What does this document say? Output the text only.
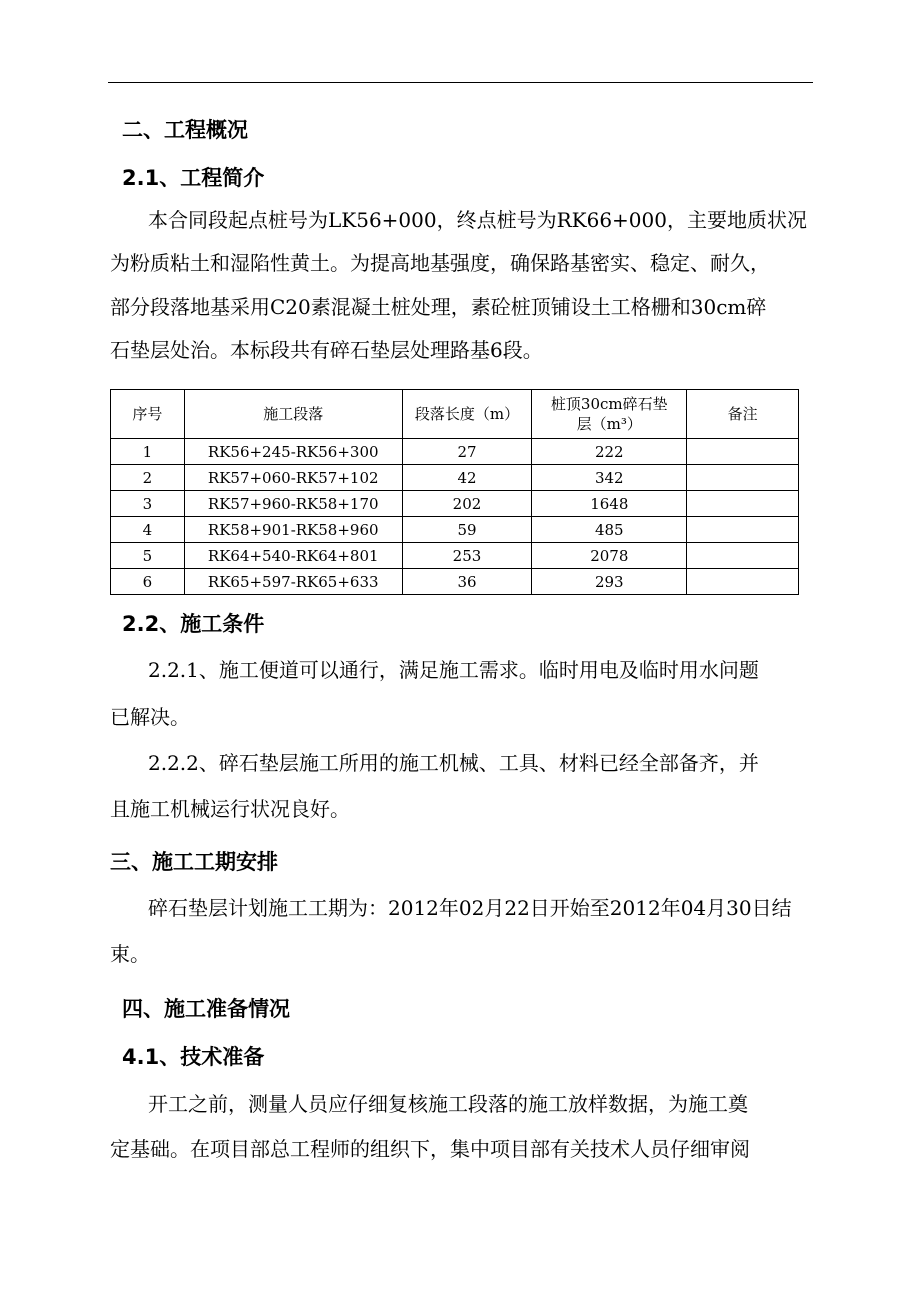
二、工程概况
2.1、工程简介
本合同段起点桩号为LK56+000，终点桩号为RK66+000，主要地质状况
为粉质粘土和湿陷性黄土。为提高地基强度，确保路基密实、稳定、耐久，
部分段落地基采用C20素混凝土桩处理，素砼桩顶铺设土工格栅和30cm碎
石垫层处治。本标段共有碎石垫层处理路基6段。
序号	施工段落	段落长度（m）	桩顶30cm碎石垫
层（m³）	备注
1	RK56+245-RK56+300	27	222	
2	RK57+060-RK57+102	42	342	
3	RK57+960-RK58+170	202	1648	
4	RK58+901-RK58+960	59	485	
5	RK64+540-RK64+801	253	2078	
6	RK65+597-RK65+633	36	293	
2.2、施工条件
2.2.1、施工便道可以通行，满足施工需求。临时用电及临时用水问题
已解决。
2.2.2、碎石垫层施工所用的施工机械、工具、材料已经全部备齐，并
且施工机械运行状况良好。
三、施工工期安排
碎石垫层计划施工工期为：2012年02月22日开始至2012年04月30日结
束。
四、施工准备情况
4.1、技术准备
开工之前，测量人员应仔细复核施工段落的施工放样数据，为施工奠
定基础。在项目部总工程师的组织下，集中项目部有关技术人员仔细审阅
